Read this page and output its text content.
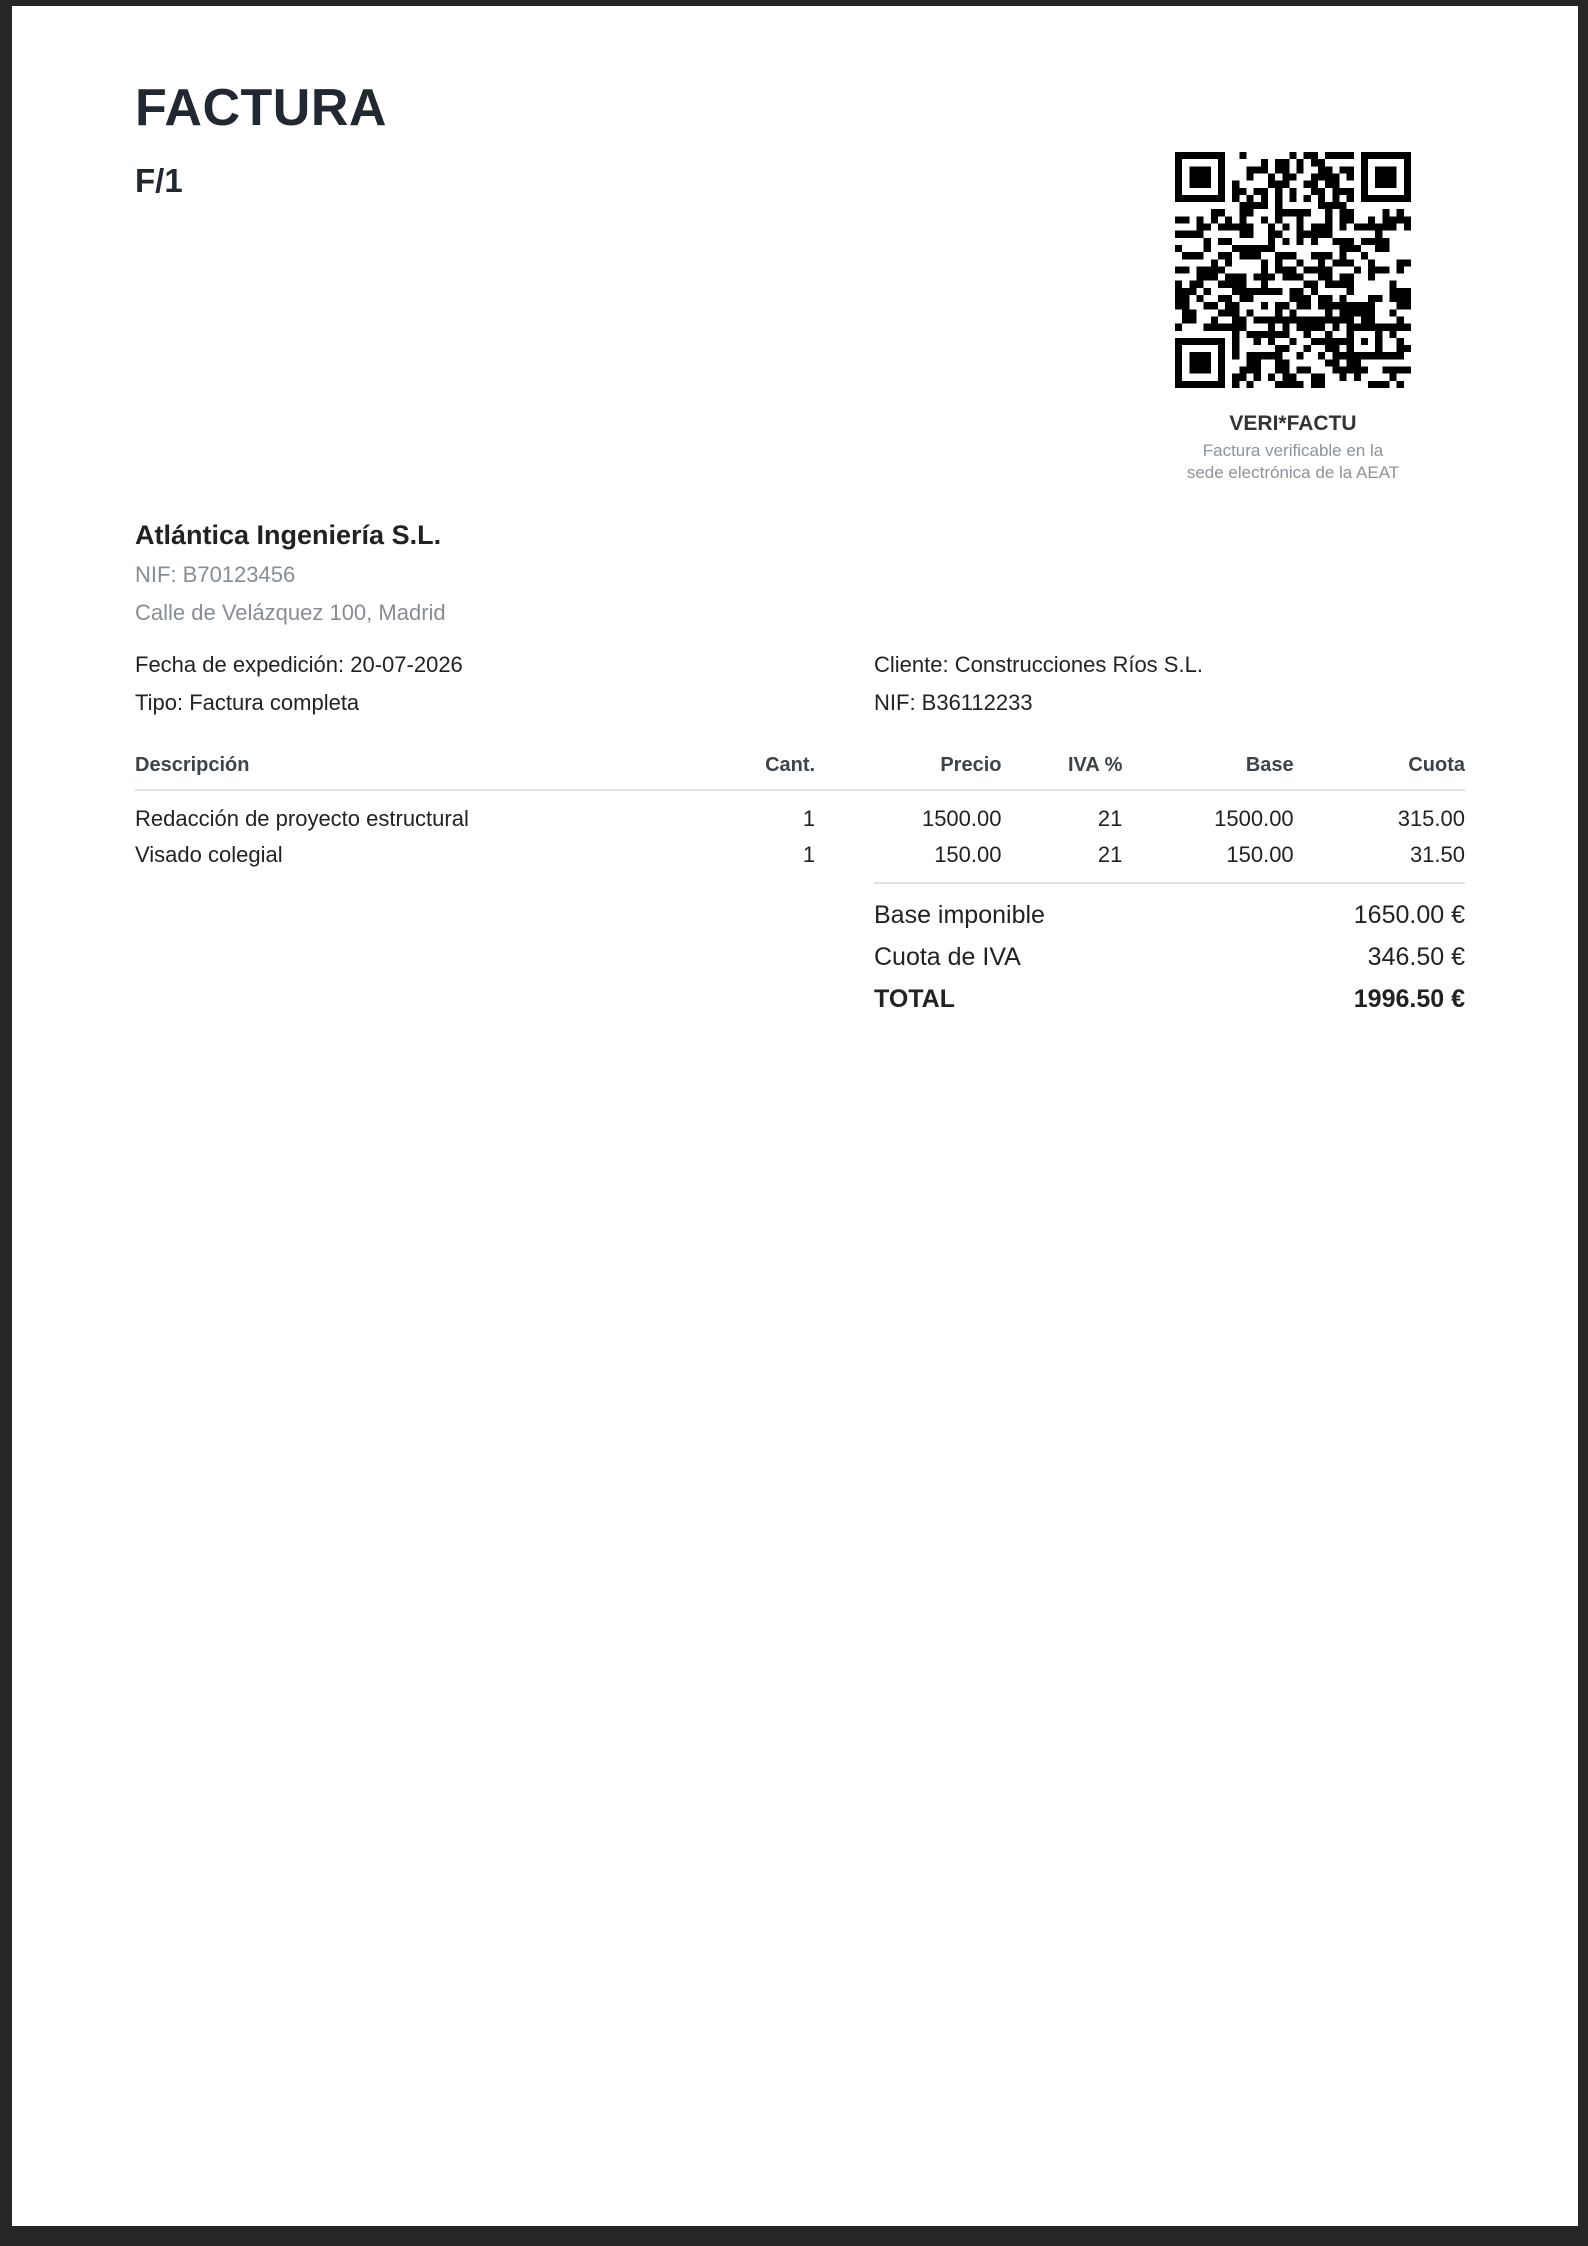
FACTURA
F/1
VERI*FACTU
Factura verificable en la
sede electrónica de la AEAT
Atlántica Ingeniería S.L.
NIF: B70123456
Calle de Velázquez 100, Madrid
Fecha de expedición: 20-07-2026
Tipo: Factura completa
Cliente: Construcciones Ríos S.L.
NIF: B36112233
Descripción	Cant.	Precio	IVA %	Base	Cuota
Redacción de proyecto estructural	1	1500.00	21	1500.00	315.00
Visado colegial	1	150.00	21	150.00	31.50
Base imponible	1650.00 €
Cuota de IVA	346.50 €
TOTAL	1996.50 €
